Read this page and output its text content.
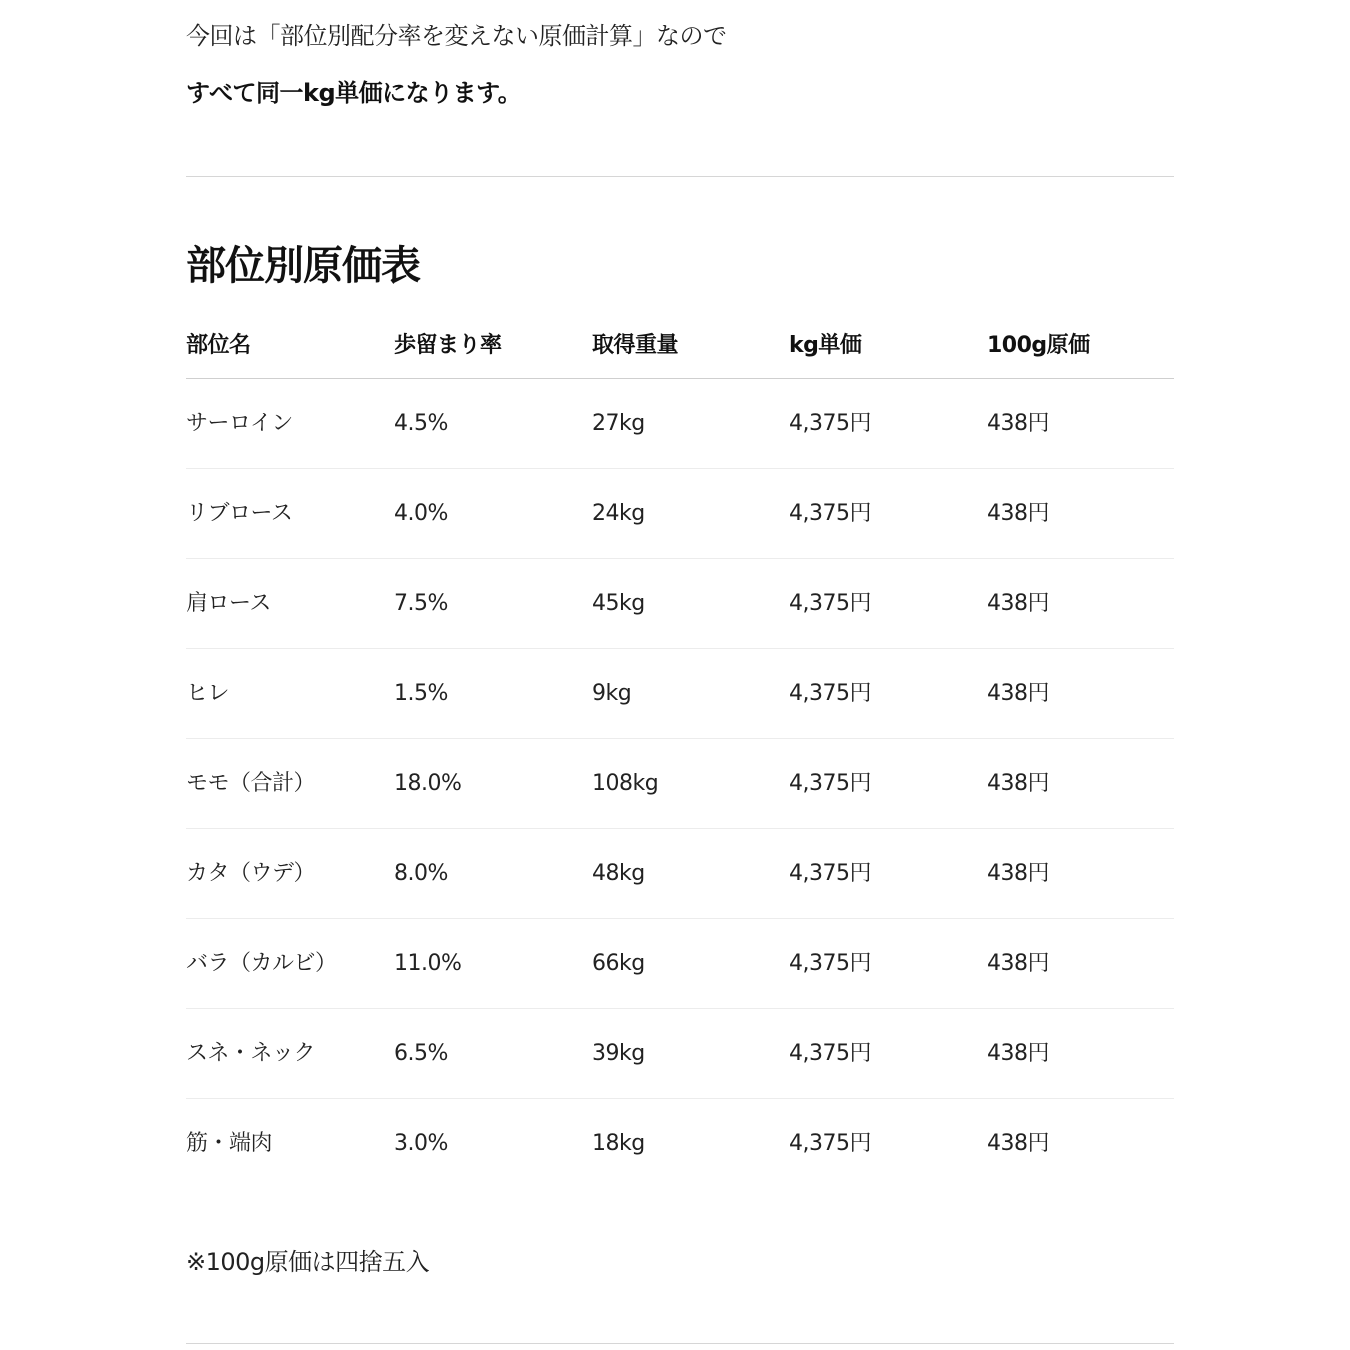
今回は「部位別配分率を変えない原価計算」なので
すべて同一kg単価になります。
部位別原価表
部位名	歩留まり率	取得重量	kg単価	100g原価
サーロイン	4.5%	27kg	4,375円	438円
リブロース	4.0%	24kg	4,375円	438円
肩ロース	7.5%	45kg	4,375円	438円
ヒレ	1.5%	9kg	4,375円	438円
モモ（合計）	18.0%	108kg	4,375円	438円
カタ（ウデ）	8.0%	48kg	4,375円	438円
バラ（カルビ）	11.0%	66kg	4,375円	438円
スネ・ネック	6.5%	39kg	4,375円	438円
筋・端肉	3.0%	18kg	4,375円	438円
※100g原価は四捨五入
